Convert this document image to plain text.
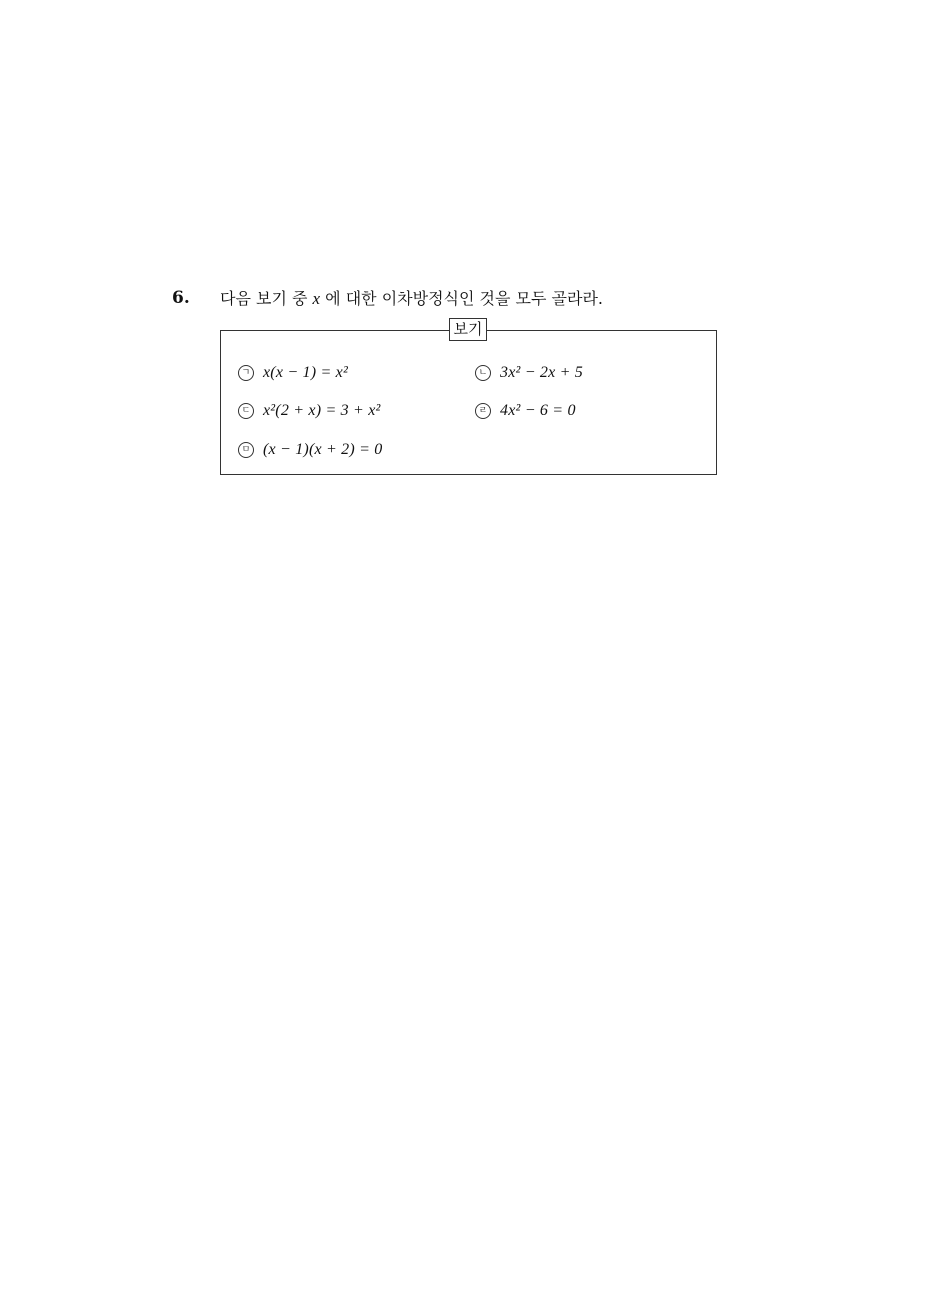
6. 다음 보기 중 x 에 대한 이차방정식인 것을 모두 골라라.
보기
ㄱ x(x − 1) = x²	ㄴ 3x² − 2x + 5
ㄷ x²(2 + x) = 3 + x²	ㄹ 4x² − 6 = 0
ㅁ (x − 1)(x + 2) = 0
